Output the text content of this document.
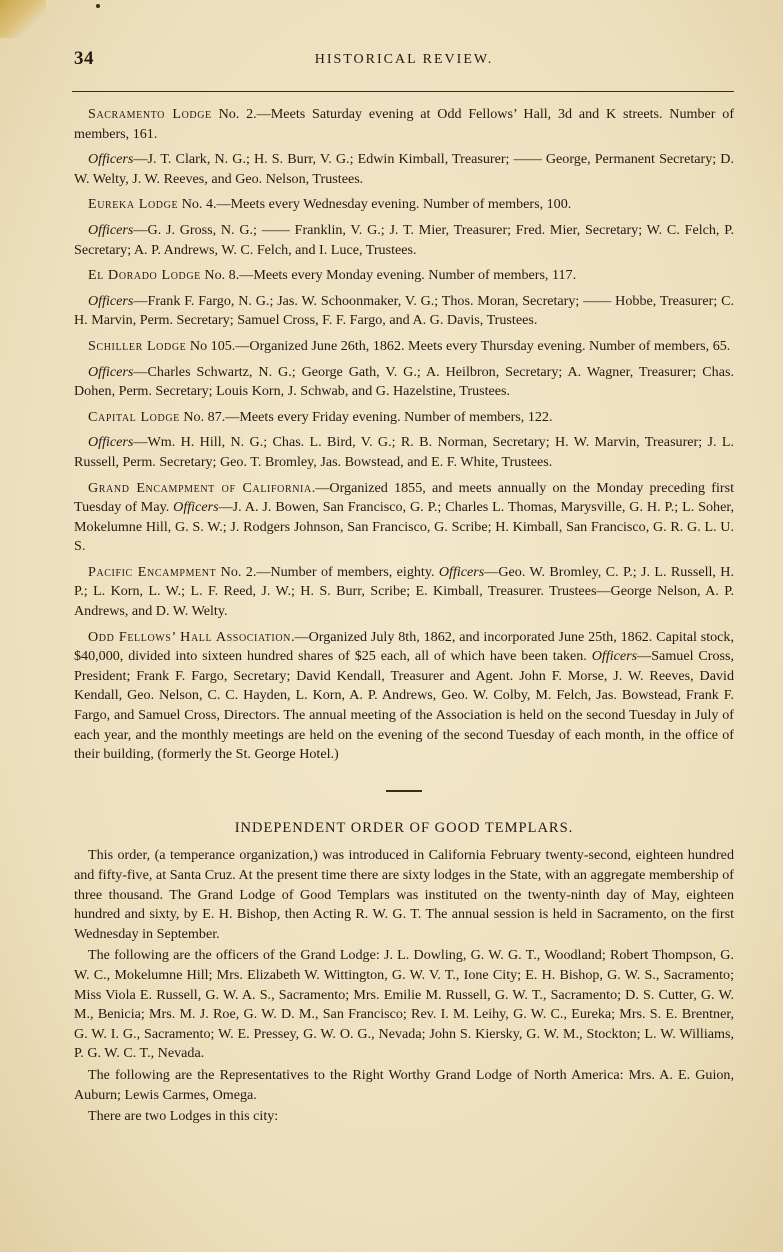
34	HISTORICAL REVIEW.

Sacramento Lodge No. 2.—Meets Saturday evening at Odd Fellows’ Hall, 3d and K streets. Number of members, 161.

Officers—J. T. Clark, N. G.; H. S. Burr, V. G.; Edwin Kimball, Treasurer; —— George, Permanent Secretary; D. W. Welty, J. W. Reeves, and Geo. Nelson, Trustees.

Eureka Lodge No. 4.—Meets every Wednesday evening. Number of members, 100.

Officers—G. J. Gross, N. G.; —— Franklin, V. G.; J. T. Mier, Treasurer; Fred. Mier, Secretary; W. C. Felch, P. Secretary; A. P. Andrews, W. C. Felch, and I. Luce, Trustees.

El Dorado Lodge No. 8.—Meets every Monday evening. Number of members, 117.

Officers—Frank F. Fargo, N. G.; Jas. W. Schoonmaker, V. G.; Thos. Moran, Secretary; —— Hobbe, Treasurer; C. H. Marvin, Perm. Secretary; Samuel Cross, F. F. Fargo, and A. G. Davis, Trustees.

Schiller Lodge No 105.—Organized June 26th, 1862. Meets every Thursday evening. Number of members, 65.

Officers—Charles Schwartz, N. G.; George Gath, V. G.; A. Heilbron, Secretary; A. Wagner, Treasurer; Chas. Dohen, Perm. Secretary; Louis Korn, J. Schwab, and G. Hazelstine, Trustees.

Capital Lodge No. 87.—Meets every Friday evening. Number of members, 122.

Officers—Wm. H. Hill, N. G.; Chas. L. Bird, V. G.; R. B. Norman, Secretary; H. W. Marvin, Treasurer; J. L. Russell, Perm. Secretary; Geo. T. Bromley, Jas. Bowstead, and E. F. White, Trustees.

Grand Encampment of California.—Organized 1855, and meets annually on the Monday preceding first Tuesday of May. Officers—J. A. J. Bowen, San Francisco, G. P.; Charles L. Thomas, Marysville, G. H. P.; L. Soher, Mokelumne Hill, G. S. W.; J. Rodgers Johnson, San Francisco, G. Scribe; H. Kimball, San Francisco, G. R. G. L. U. S.

Pacific Encampment No. 2.—Number of members, eighty. Officers—Geo. W. Bromley, C. P.; J. L. Russell, H. P.; L. Korn, L. W.; L. F. Reed, J. W.; H. S. Burr, Scribe; E. Kimball, Treasurer. Trustees—George Nelson, A. P. Andrews, and D. W. Welty.

Odd Fellows’ Hall Association.—Organized July 8th, 1862, and incorporated June 25th, 1862. Capital stock, $40,000, divided into sixteen hundred shares of $25 each, all of which have been taken. Officers—Samuel Cross, President; Frank F. Fargo, Secretary; David Kendall, Treasurer and Agent. John F. Morse, J. W. Reeves, David Kendall, Geo. Nelson, C. C. Hayden, L. Korn, A. P. Andrews, Geo. W. Colby, M. Felch, Jas. Bowstead, Frank F. Fargo, and Samuel Cross, Directors. The annual meeting of the Association is held on the second Tuesday in July of each year, and the monthly meetings are held on the evening of the second Tuesday of each month, in the office of their building, (formerly the St. George Hotel.)

INDEPENDENT ORDER OF GOOD TEMPLARS.

This order, (a temperance organization,) was introduced in California February twenty-second, eighteen hundred and fifty-five, at Santa Cruz. At the present time there are sixty lodges in the State, with an aggregate membership of three thousand. The Grand Lodge of Good Templars was instituted on the twenty-ninth day of May, eighteen hundred and sixty, by E. H. Bishop, then Acting R. W. G. T. The annual session is held in Sacramento, on the first Wednesday in September.

The following are the officers of the Grand Lodge: J. L. Dowling, G. W. G. T., Woodland; Robert Thompson, G. W. C., Mokelumne Hill; Mrs. Elizabeth W. Wittington, G. W. V. T., Ione City; E. H. Bishop, G. W. S., Sacramento; Miss Viola E. Russell, G. W. A. S., Sacramento; Mrs. Emilie M. Russell, G. W. T., Sacramento; D. S. Cutter, G. W. M., Benicia; Mrs. M. J. Roe, G. W. D. M., San Francisco; Rev. I. M. Leihy, G. W. C., Eureka; Mrs. S. E. Brentner, G. W. I. G., Sacramento; W. E. Pressey, G. W. O. G., Nevada; John S. Kiersky, G. W. M., Stockton; L. W. Williams, P. G. W. C. T., Nevada.

The following are the Representatives to the Right Worthy Grand Lodge of North America: Mrs. A. E. Guion, Auburn; Lewis Carmes, Omega.

There are two Lodges in this city:
